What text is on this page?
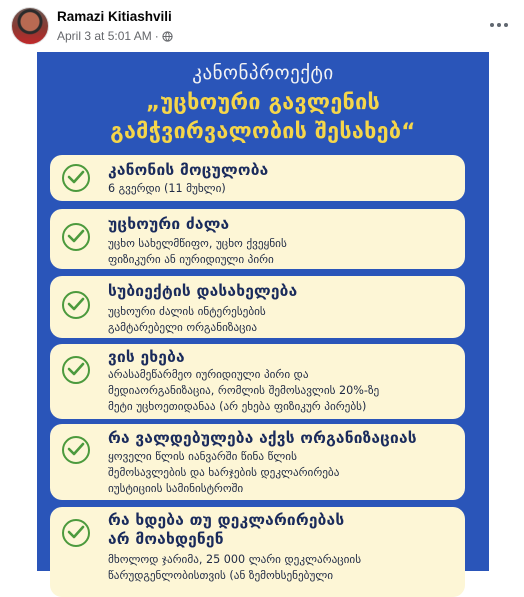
Ramazi Kitiashvili
April 3 at 5:01 AM ·
კანონპროექტი
„უცხოური გავლენის
გამჭვირვალობის შესახებ“
კანონის მოცულობა
6 გვერდი (11 მუხლი)
უცხოური ძალა
უცხო სახელმწიფო, უცხო ქვეყნის
ფიზიკური ან იურიდიული პირი
სუბიექტის დასახელება
უცხოური ძალის ინტერესების
გამტარებელი ორგანიზაცია
ვის ეხება
არასამეწარმეო იურიდიული პირი და
მედიაორგანიზაცია, რომლის შემოსავლის 20%-ზე
მეტი უცხოეთიდანაა (არ ეხება ფიზიკურ პირებს)
რა ვალდებულება აქვს ორგანიზაციას
ყოველი წლის იანვარში წინა წლის
შემოსავლების და ხარჯების დეკლარირება
იუსტიციის სამინისტროში
რა ხდება თუ დეკლარირებას
არ მოახდენენ
მხოლოდ ჯარიმა, 25 000 ლარი დეკლარაციის
წარუდგენლობისთვის (ან ზემოხსენებული
